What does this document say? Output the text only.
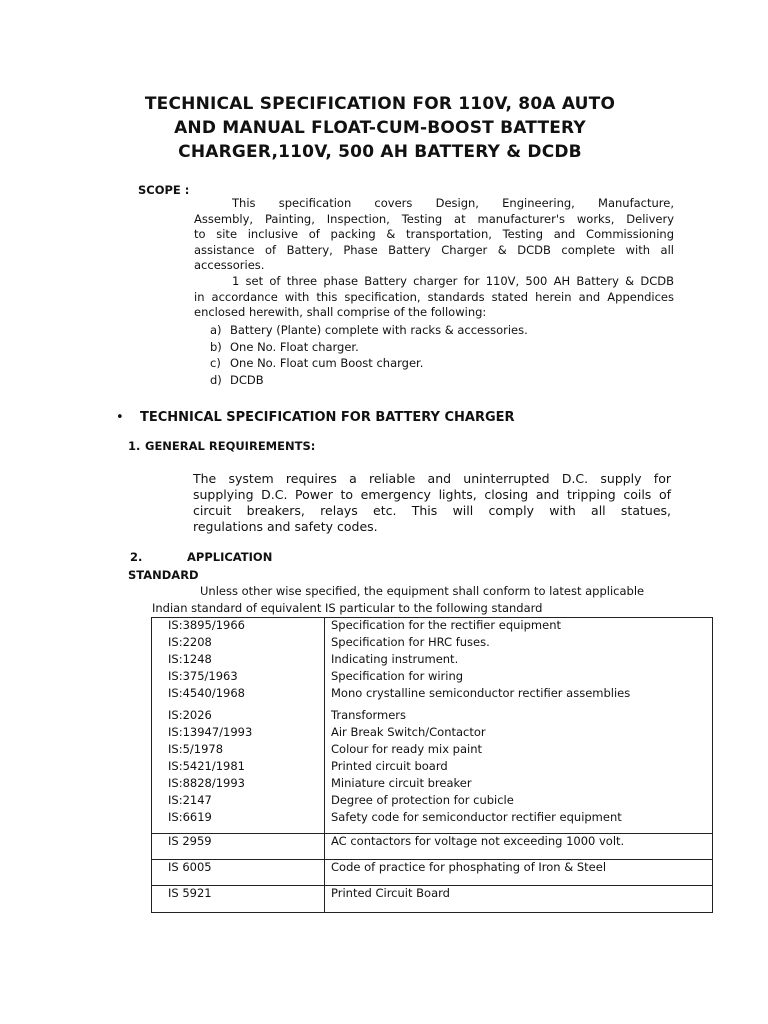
TECHNICAL SPECIFICATION FOR 110V, 80A AUTO
AND MANUAL FLOAT-CUM-BOOST BATTERY
CHARGER,110V, 500 AH BATTERY & DCDB
SCOPE :
This specification covers Design, Engineering, Manufacture,
Assembly, Painting, Inspection, Testing at manufacturer's works, Delivery
to site inclusive of packing & transportation, Testing and Commissioning
assistance of Battery, Phase Battery Charger & DCDB complete with all
accessories.
1 set of three phase Battery charger for 110V, 500 AH Battery & DCDB
in accordance with this specification, standards stated herein and Appendices
enclosed herewith, shall comprise of the following:
a) Battery (Plante) complete with racks & accessories.
b) One No. Float charger.
c) One No. Float cum Boost charger.
d) DCDB
• TECHNICAL SPECIFICATION FOR BATTERY CHARGER
1. GENERAL REQUIREMENTS:
The system requires a reliable and uninterrupted D.C. supply for
supplying D.C. Power to emergency lights, closing and tripping coils of
circuit breakers, relays etc. This will comply with all statues,
regulations and safety codes.
2.	APPLICATION
STANDARD
Unless other wise specified, the equipment shall conform to latest applicable
Indian standard of equivalent IS particular to the following standard
IS:3895/1966	Specification for the rectifier equipment
IS:2208	Specification for HRC fuses.
IS:1248	Indicating instrument.
IS:375/1963	Specification for wiring
IS:4540/1968	Mono crystalline semiconductor rectifier assemblies
IS:2026	Transformers
IS:13947/1993	Air Break Switch/Contactor
IS:5/1978	Colour for ready mix paint
IS:5421/1981	Printed circuit board
IS:8828/1993	Miniature circuit breaker
IS:2147	Degree of protection for cubicle
IS:6619	Safety code for semiconductor rectifier equipment
IS 2959	AC contactors for voltage not exceeding 1000 volt.
IS 6005	Code of practice for phosphating of Iron & Steel
IS 5921	Printed Circuit Board
